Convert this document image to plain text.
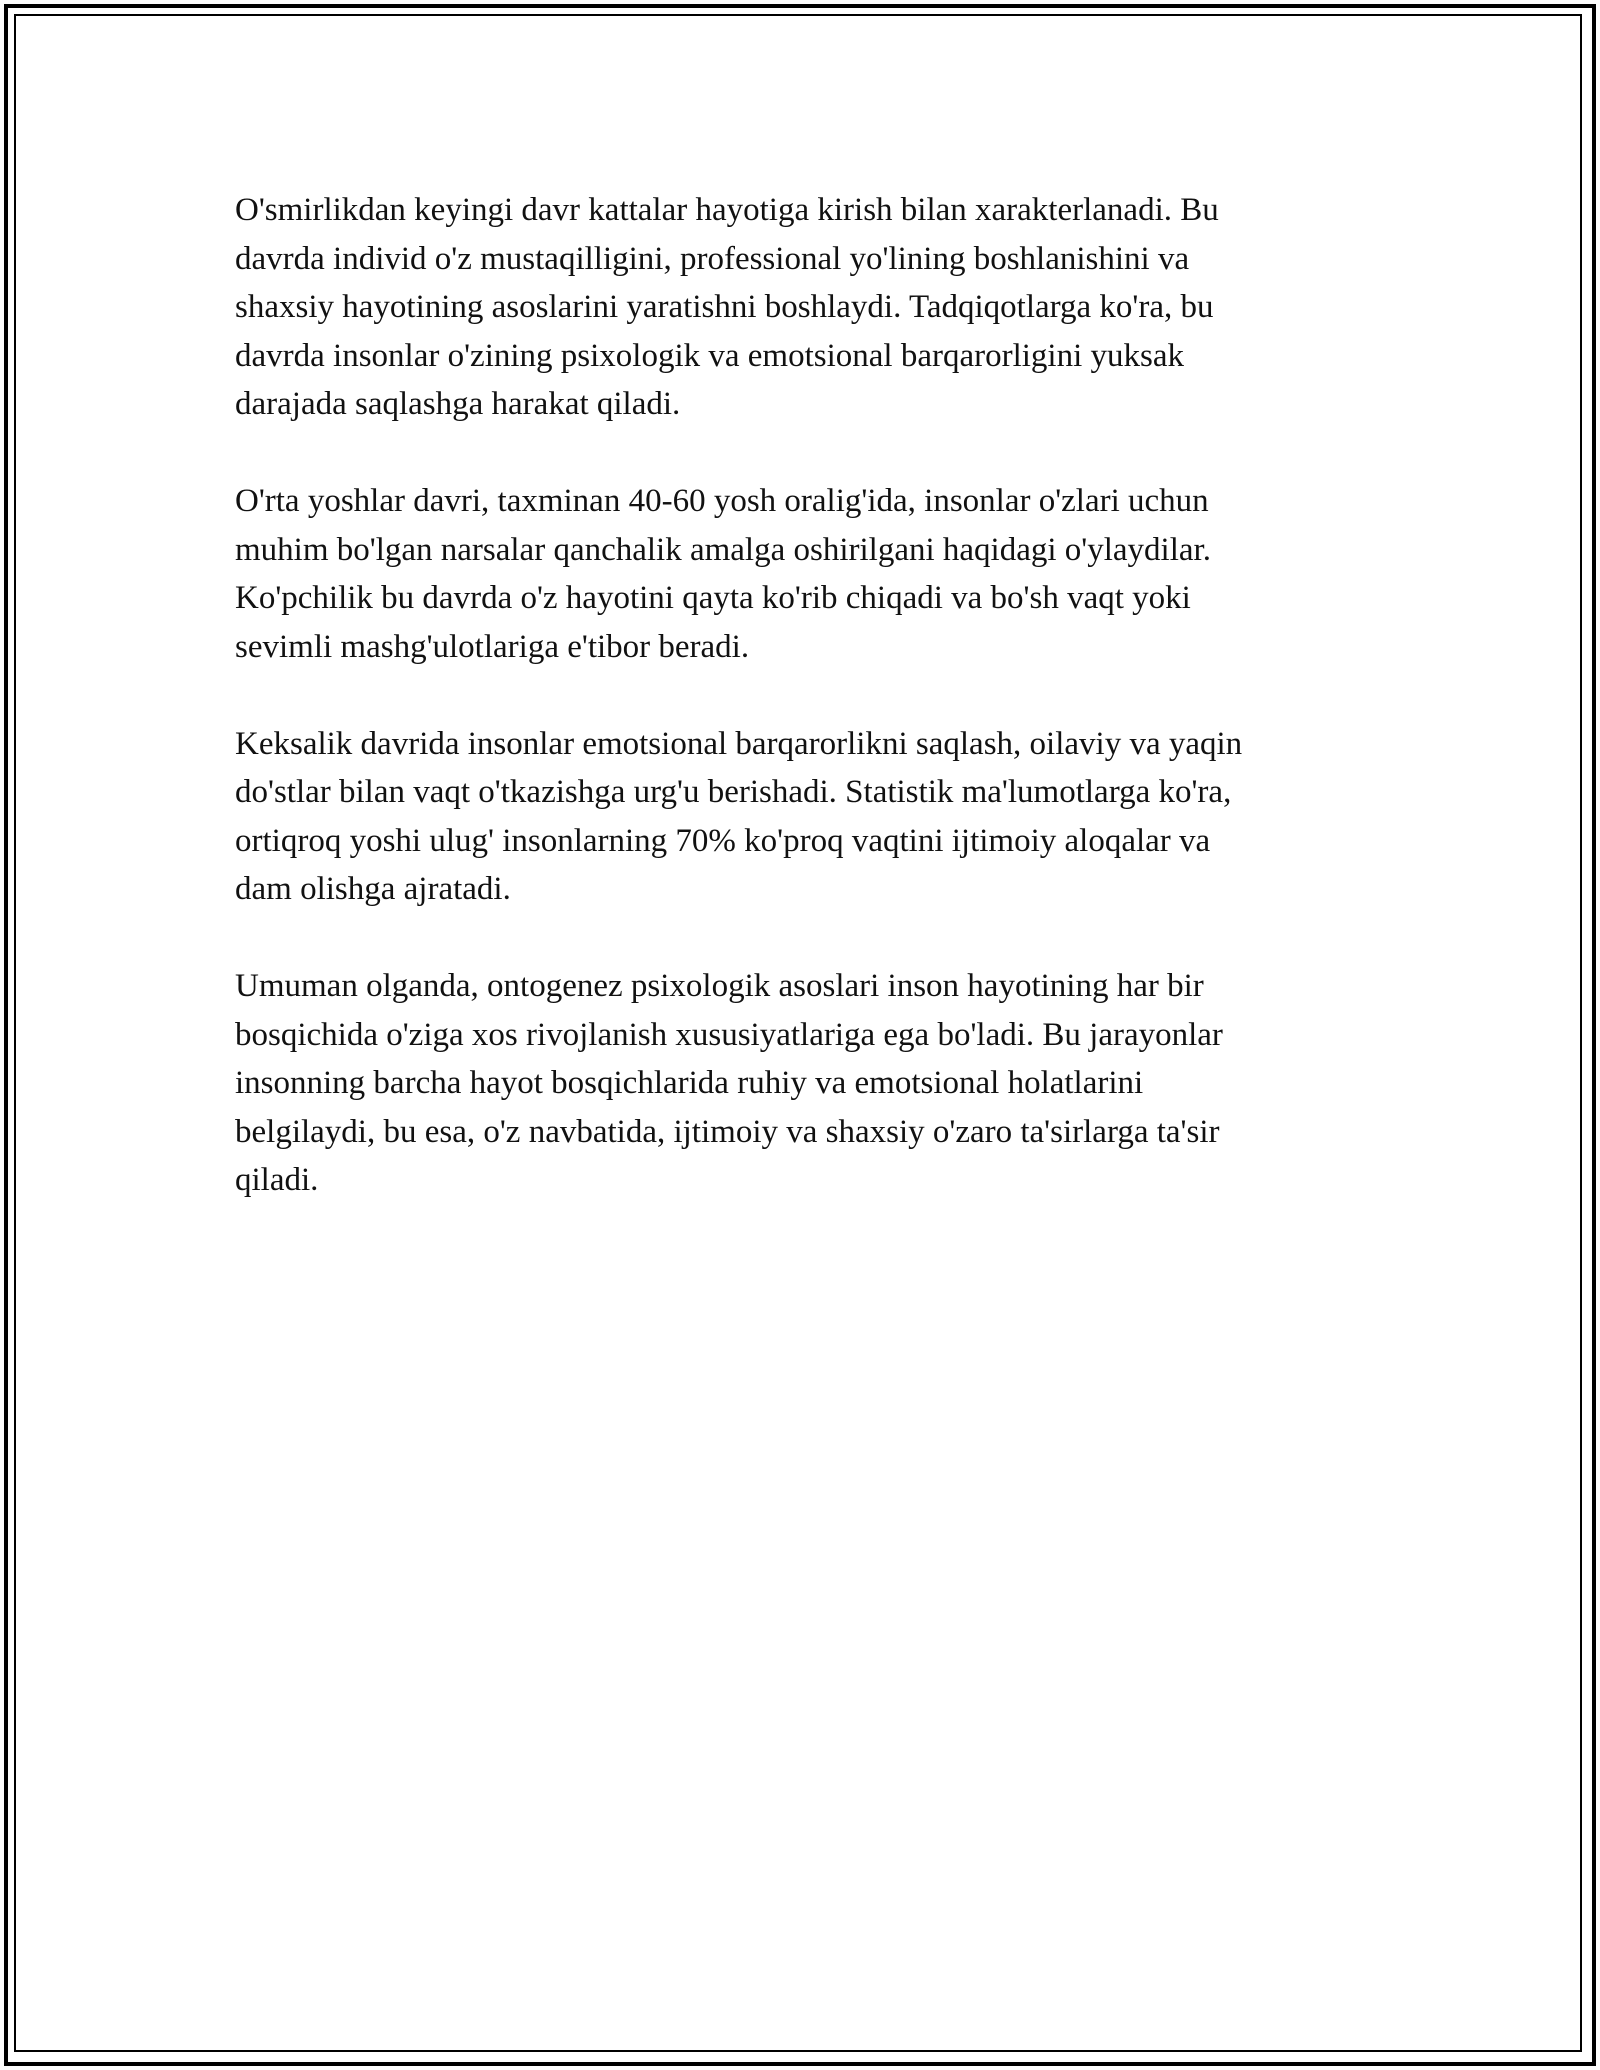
O'smirlikdan keyingi davr kattalar hayotiga kirish bilan xarakterlanadi. Bu
davrda individ o'z mustaqilligini, professional yo'lining boshlanishini va
shaxsiy hayotining asoslarini yaratishni boshlaydi. Tadqiqotlarga ko'ra, bu
davrda insonlar o'zining psixologik va emotsional barqarorligini yuksak
darajada saqlashga harakat qiladi.

O'rta yoshlar davri, taxminan 40-60 yosh oralig'ida, insonlar o'zlari uchun
muhim bo'lgan narsalar qanchalik amalga oshirilgani haqidagi o'ylaydilar.
Ko'pchilik bu davrda o'z hayotini qayta ko'rib chiqadi va bo'sh vaqt yoki
sevimli mashg'ulotlariga e'tibor beradi.

Keksalik davrida insonlar emotsional barqarorlikni saqlash, oilaviy va yaqin
do'stlar bilan vaqt o'tkazishga urg'u berishadi. Statistik ma'lumotlarga ko'ra,
ortiqroq yoshi ulug' insonlarning 70% ko'proq vaqtini ijtimoiy aloqalar va
dam olishga ajratadi.

Umuman olganda, ontogenez psixologik asoslari inson hayotining har bir
bosqichida o'ziga xos rivojlanish xususiyatlariga ega bo'ladi. Bu jarayonlar
insonning barcha hayot bosqichlarida ruhiy va emotsional holatlarini
belgilaydi, bu esa, o'z navbatida, ijtimoiy va shaxsiy o'zaro ta'sirlarga ta'sir
qiladi.
